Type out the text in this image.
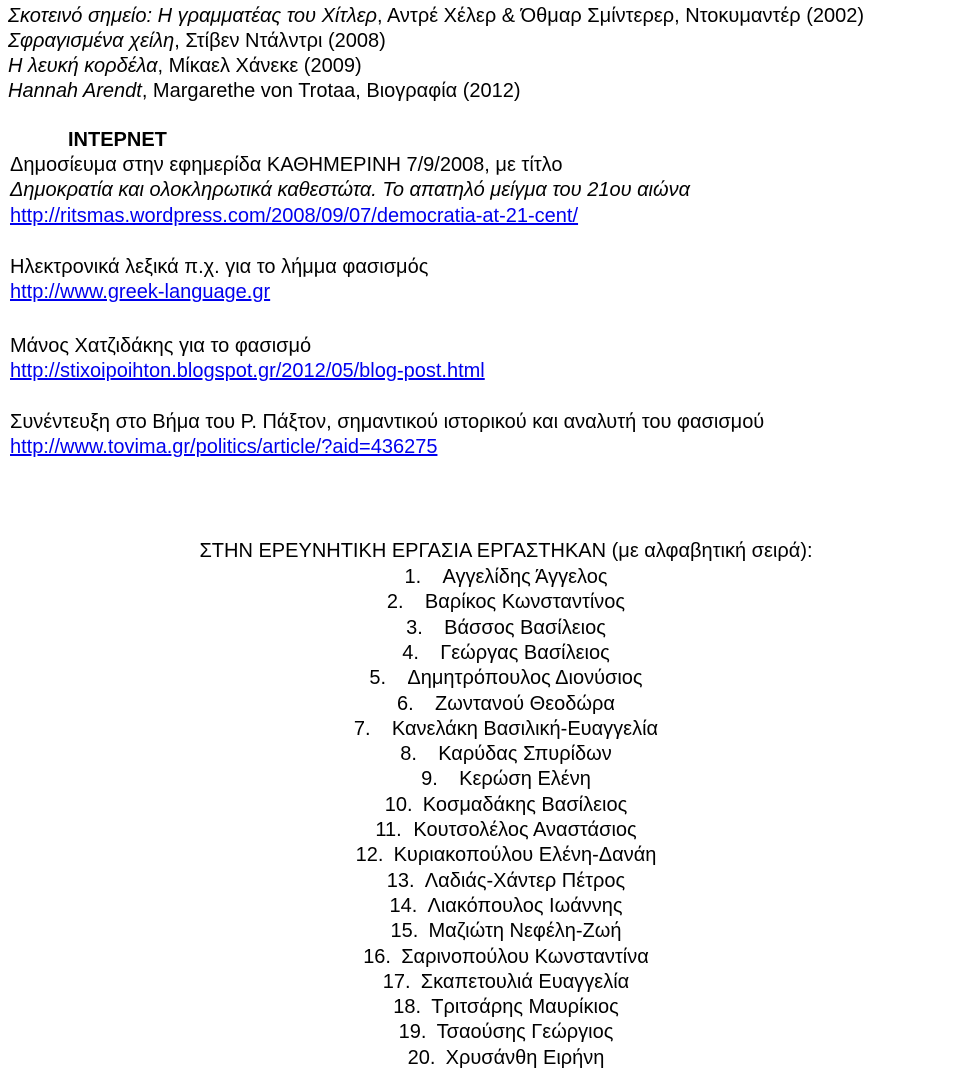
Σκοτεινό σημείο: Η γραμματέας του Χίτλερ, Αντρέ Χέλερ & Όθμαρ Σμίντερερ, Ντοκυμαντέρ (2002)
Σφραγισμένα χείλη, Στίβεν Ντάλντρι (2008)
Η λευκή κορδέλα, Μίκαελ Χάνεκε (2009)
Hannah Arendt, Margarethe von Trotaa, Βιογραφία (2012)
ΙΝΤΕΡΝΕΤ
Δημοσίευμα στην εφημερίδα ΚΑΘΗΜΕΡΙΝΗ 7/9/2008, με τίτλο
Δημοκρατία και ολοκληρωτικά καθεστώτα. Το απατηλό μείγμα του 21ου αιώνα
http://ritsmas.wordpress.com/2008/09/07/democratia-at-21-cent/
Ηλεκτρονικά λεξικά π.χ. για το λήμμα φασισμός
http://www.greek-language.gr
Μάνος Χατζιδάκης για το φασισμό
http://stixoipoihton.blogspot.gr/2012/05/blog-post.html
Συνέντευξη στο Βήμα του Ρ. Πάξτον, σημαντικού ιστορικού και αναλυτή του φασισμού
http://www.tovima.gr/politics/article/?aid=436275
ΣΤΗΝ ΕΡΕΥΝΗΤΙΚΗ ΕΡΓΑΣΙΑ ΕΡΓΑΣΤΗΚΑΝ (με αλφαβητική σειρά):
1.	Αγγελίδης Άγγελος
2.	Βαρίκος Κωνσταντίνος
3.	Βάσσος Βασίλειος
4.	Γεώργας Βασίλειος
5.	Δημητρόπουλος Διονύσιος
6.	Ζωντανού Θεοδώρα
7.	Κανελάκη Βασιλική-Ευαγγελία
8.	Καρύδας Σπυρίδων
9.	Κερώση Ελένη
10. Κοσμαδάκης Βασίλειος
11. Κουτσολέλος Αναστάσιος
12. Κυριακοπούλου Ελένη-Δανάη
13. Λαδιάς-Χάντερ Πέτρος
14. Λιακόπουλος Ιωάννης
15. Μαζιώτη Νεφέλη-Ζωή
16. Σαρινοπούλου Κωνσταντίνα
17. Σκαπετουλιά Ευαγγελία
18. Τριτσάρης Μαυρίκιος
19. Τσαούσης Γεώργιος
20. Χρυσάνθη Ειρήνη
